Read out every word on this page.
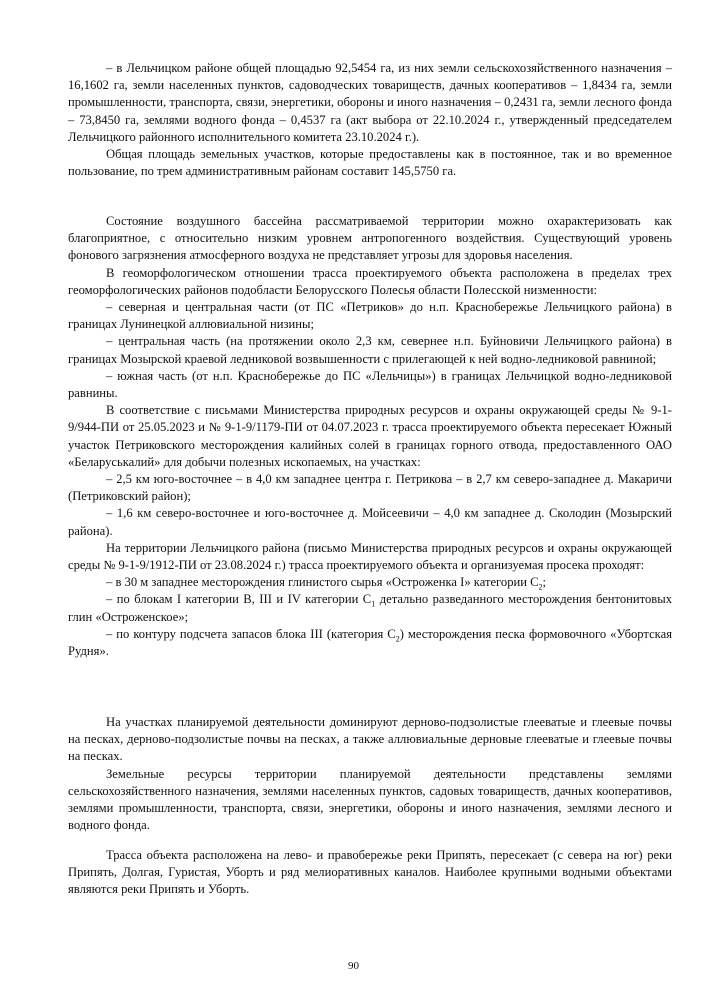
– в Лельчицком районе общей площадью 92,5454 га, из них земли сельскохозяйственного назначения –16,1602 га, земли населенных пунктов, садоводческих товариществ, дачных кооперативов – 1,8434 га, земли промышленности, транспорта, связи, энергетики, обороны и иного назначения – 0,2431 га, земли лесного фонда – 73,8450 га, землями водного фонда – 0,4537 га (акт выбора от 22.10.2024 г., утвержденный председателем Лельчицкого районного исполнительного комитета 23.10.2024 г.).

Общая площадь земельных участков, которые предоставлены как в постоянное, так и во временное пользование, по трем административным районам составит 145,5750 га.

Состояние воздушного бассейна рассматриваемой территории можно охарактеризовать как благоприятное, с относительно низким уровнем антропогенного воздействия. Существующий уровень фонового загрязнения атмосферного воздуха не представляет угрозы для здоровья населения.

В геоморфологическом отношении трасса проектируемого объекта расположена в пределах трех геоморфологических районов подобласти Белорусского Полесья области Полесской низменности:

– северная и центральная части (от ПС «Петриков» до н.п. Красноберeжье Лельчицкого района) в границах Лунинецкой аллювиальной низины;

– центральная часть (на протяжении около 2,3 км, севернее н.п. Буйновичи Лельчицкого района) в границах Мозырской краевой ледниковой возвышенности с прилегающей к ней водно-ледниковой равниной;

– южная часть (от н.п. Краснобережье до ПС «Лельчицы») в границах Лельчицкой водно-ледниковой равнины.

В соответствие с письмами Министерства природных ресурсов и охраны окружающей среды № 9-1-9/944-ПИ от 25.05.2023 и № 9-1-9/1179-ПИ от 04.07.2023 г. трасса проектируемого объекта пересекает Южный участок Петриковского месторождения калийных солей в границах горного отвода, предоставленного ОАО «Беларуськалий» для добычи полезных ископаемых, на участках:

– 2,5 км юго-восточнее – в 4,0 км западнее центра г. Петрикова – в 2,7 км северо-западнее д. Макаричи (Петриковский район);

– 1,6 км северо-восточнее и юго-восточнее д. Мойсеевичи – 4,0 км западнее д. Сколодин (Мозырский района).

На территории Лельчицкого района (письмо Министерства природных ресурсов и охраны окружающей среды № 9-1-9/1912-ПИ от 23.08.2024 г.) трасса проектируемого объекта и организуемая просека проходят:

– в 30 м западнее месторождения глинистого сырья «Остроженка I» категории $С_2$;

– по блокам I категории В, III и IV категории $С_1$ детально разведанного месторождения бентонитовых глин «Остроженское»;

– по контуру подсчета запасов блока III (категория $С_2$) месторождения песка формовочного «Убортская Рудня».

На участках планируемой деятельности доминируют дерново-подзолистые глееватые и глеевые почвы на песках, дерново-подзолистые почвы на песках, а также аллювиальные дерновые глееватые и глеевые почвы на песках.

Земельные ресурсы территории планируемой деятельности представлены землями сельскохозяйственного назначения, землями населенных пунктов, садовых товариществ, дачных кооперативов, землями промышленности, транспорта, связи, энергетики, обороны и иного назначения, землями лесного и водного фонда.

Трасса объекта расположена на лево- и правобережье реки Припять, пересекает (с севера на юг) реки Припять, Долгая, Гуристая, Уборть и ряд мелиоративных каналов. Наиболее крупными водными объектами являются реки Припять и Уборть.

90
